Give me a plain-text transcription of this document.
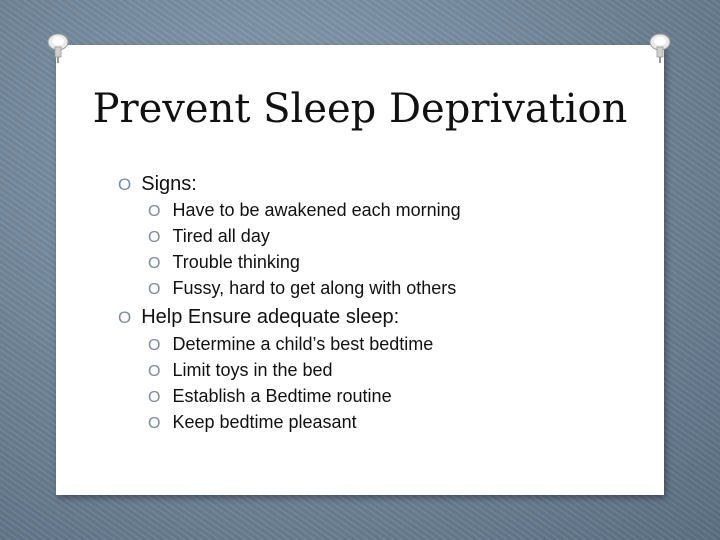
Prevent Sleep Deprivation
O Signs:
O Have to be awakened each morning
O Tired all day
O Trouble thinking
O Fussy, hard to get along with others
O Help Ensure adequate sleep:
O Determine a child’s best bedtime
O Limit toys in the bed
O Establish a Bedtime routine
O Keep bedtime pleasant
